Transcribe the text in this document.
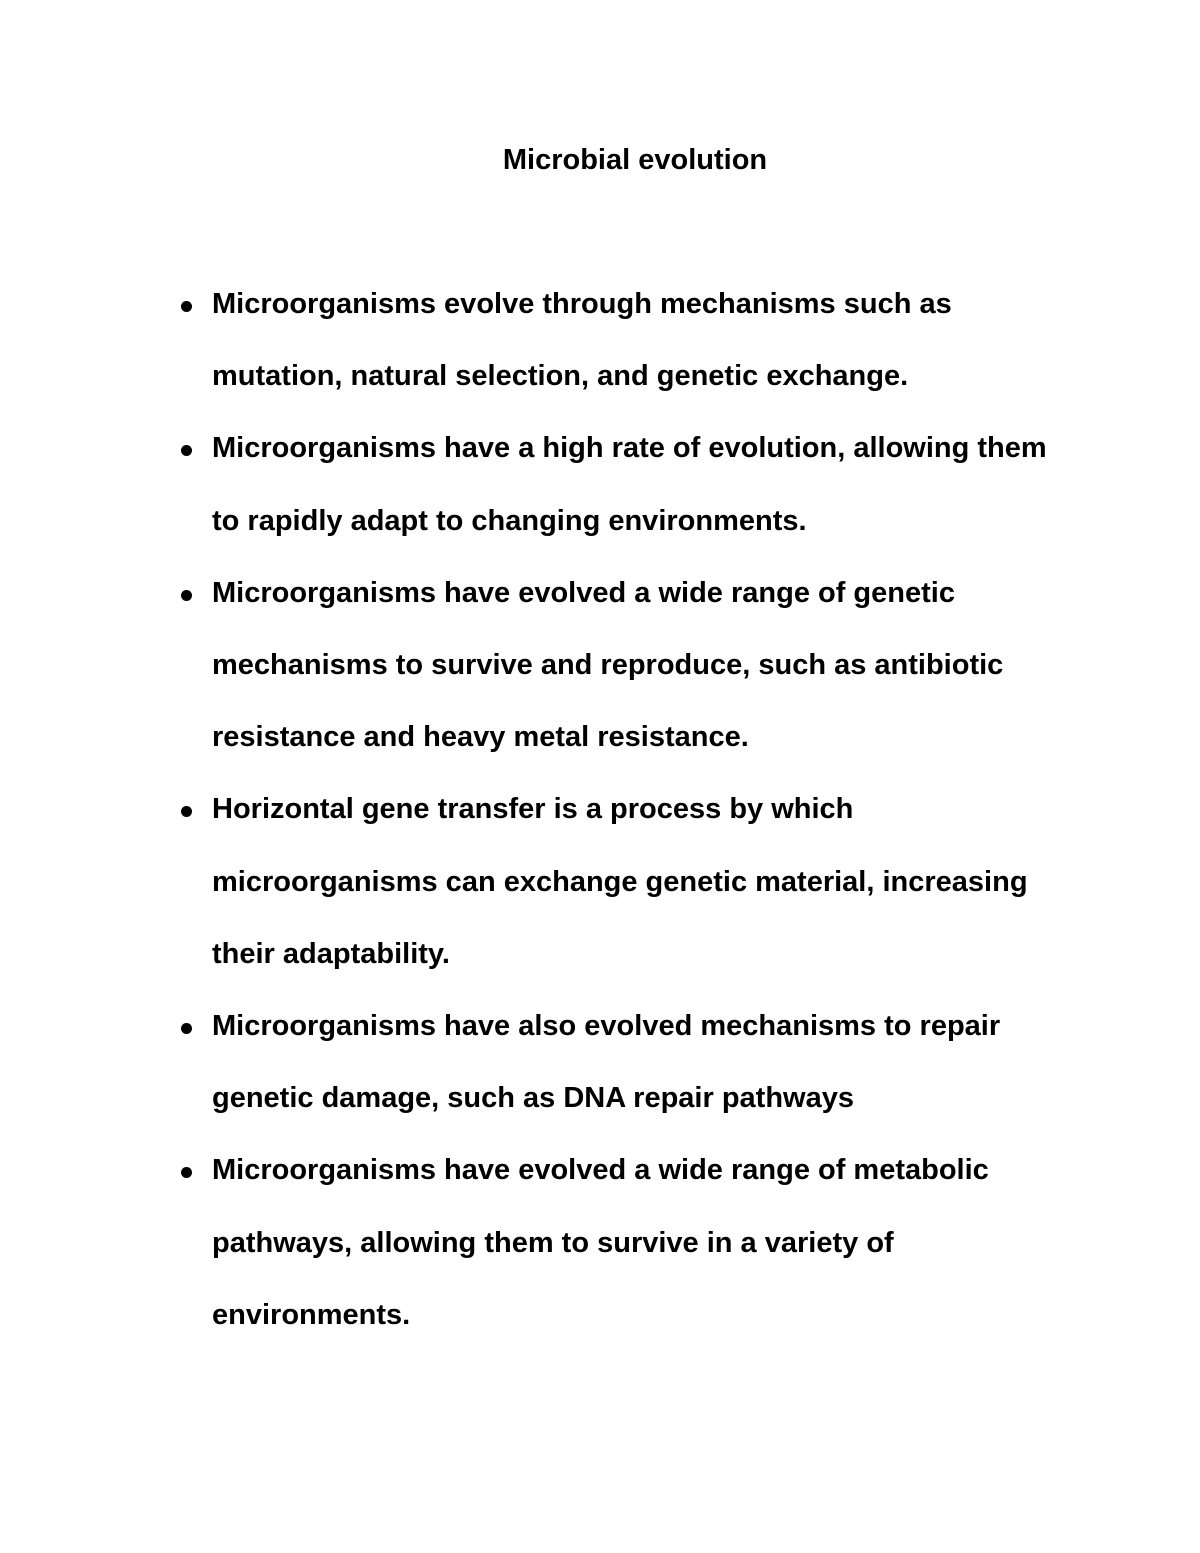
Microbial evolution
Microorganisms evolve through mechanisms such as mutation, natural selection, and genetic exchange.
Microorganisms have a high rate of evolution, allowing them to rapidly adapt to changing environments.
Microorganisms have evolved a wide range of genetic mechanisms to survive and reproduce, such as antibiotic resistance and heavy metal resistance.
Horizontal gene transfer is a process by which microorganisms can exchange genetic material, increasing their adaptability.
Microorganisms have also evolved mechanisms to repair genetic damage, such as DNA repair pathways
Microorganisms have evolved a wide range of metabolic pathways, allowing them to survive in a variety of environments.
